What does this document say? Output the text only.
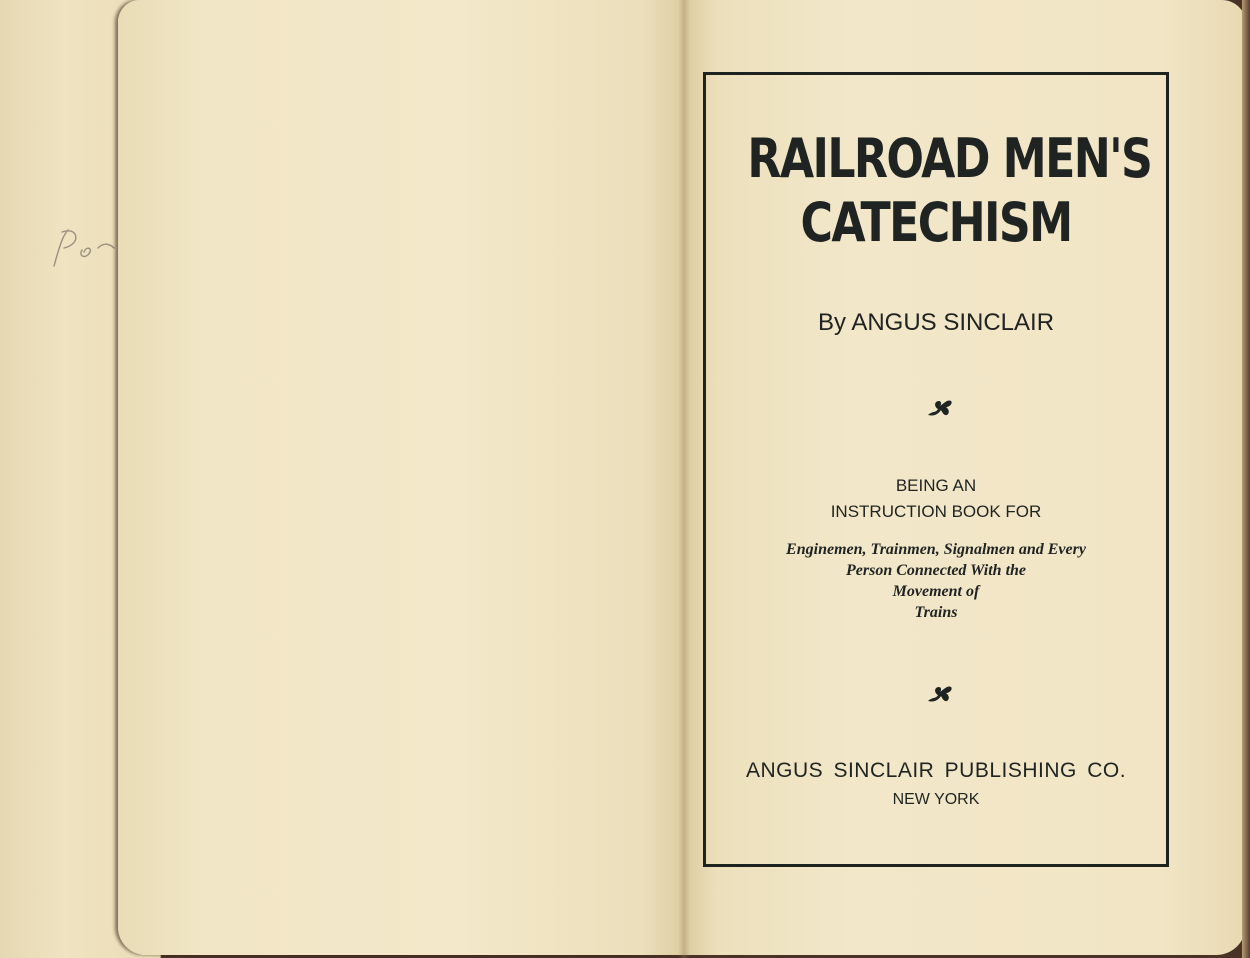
RAILROAD MEN'S
CATECHISM
By ANGUS SINCLAIR
BEING AN
INSTRUCTION BOOK FOR
Enginemen, Trainmen, Signalmen and Every
Person Connected With the
Movement of
Trains
ANGUS SINCLAIR PUBLISHING CO.
NEW YORK
